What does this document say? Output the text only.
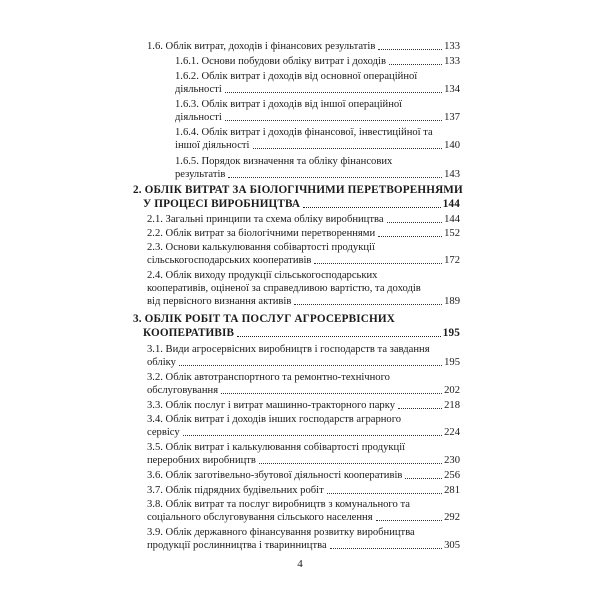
1.6. Облік витрат, доходів і фінансових результатів	133
1.6.1. Основи побудови обліку витрат і доходів	133
1.6.2. Облік витрат і доходів від основної операційної
діяльності	134
1.6.3. Облік витрат і доходів від іншої операційної
діяльності	137
1.6.4. Облік витрат і доходів фінансової, інвестиційної та
іншої діяльності	140
1.6.5. Порядок визначення та обліку фінансових
результатів	143
2. ОБЛІК ВИТРАТ ЗА БІОЛОГІЧНИМИ ПЕРЕТВОРЕННЯМИ
У ПРОЦЕСІ ВИРОБНИЦТВА	144
2.1. Загальні принципи та схема обліку виробництва	144
2.2. Облік витрат за біологічними перетвореннями	152
2.3. Основи калькулювання собівартості продукції
сільськогосподарських кооперативів	172
2.4. Облік виходу продукції сільськогосподарських
кооперативів, оціненої за справедливою вартістю, та доходів
від первісного визнання активів	189
3. ОБЛІК РОБІТ ТА ПОСЛУГ АГРОСЕРВІСНИХ
КООПЕРАТИВІВ	195
3.1. Види агросервісних виробництв і господарств та завдання
обліку	195
3.2. Облік автотранспортного та ремонтно-технічного
обслуговування	202
3.3. Облік послуг і витрат машинно-тракторного парку	218
3.4. Облік витрат і доходів інших господарств аграрного
сервісу	224
3.5. Облік витрат і калькулювання собівартості продукції
переробних виробництв	230
3.6. Облік заготівельно-збутової діяльності кооперативів	256
3.7. Облік підрядних будівельних робіт	281
3.8. Облік витрат та послуг виробництв з комунального та
соціального обслуговування сільського населення	292
3.9. Облік державного фінансування розвитку виробництва
продукції рослинництва і тваринництва	305
4
